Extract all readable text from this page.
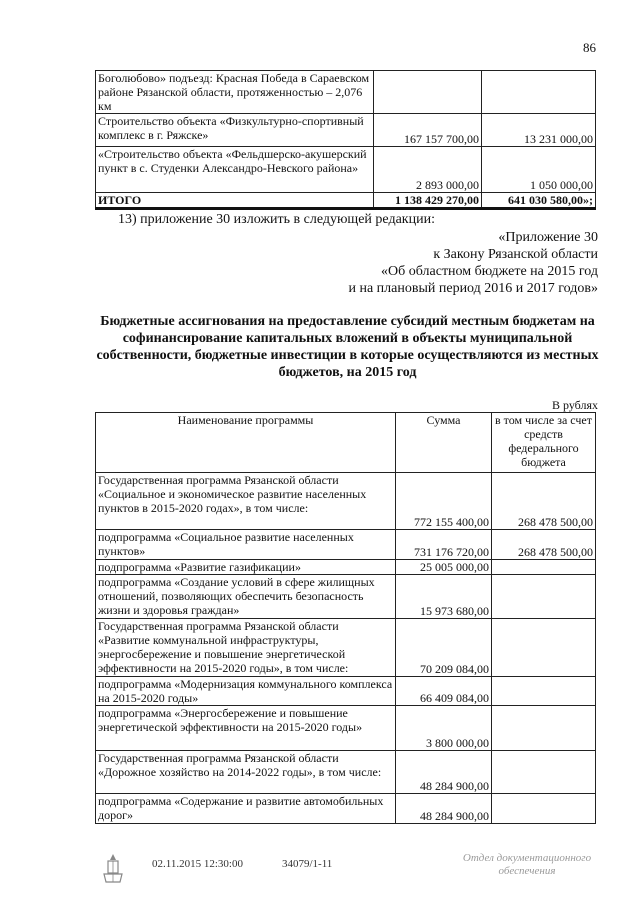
86
Боголюбово» подъезд: Красная Победа в Сараевском районе Рязанской области, протяженностью – 2,076 км		
Строительство объекта «Физкультурно-спортивный комплекс в г. Ряжске»	167 157 700,00	13 231 000,00
«Строительство объекта «Фельдшерско-акушерский пункт в с. Студенки Александро-Невского района»	2 893 000,00	1 050 000,00
ИТОГО	1 138 429 270,00	641 030 580,00»;
13) приложение 30 изложить в следующей редакции:
«Приложение 30
к Закону Рязанской области
«Об областном бюджете на 2015 год
и на плановый период 2016 и 2017 годов»
Бюджетные ассигнования на предоставление субсидий местным бюджетам на софинансирование капитальных вложений в объекты муниципальной собственности, бюджетные инвестиции в которые осуществляются из местных бюджетов, на 2015 год
В рублях
Наименование программы	Сумма	в том числе за счет средств федерального бюджета
Государственная программа Рязанской области «Социальное и экономическое развитие населенных пунктов в 2015-2020 годах», в том числе:	772 155 400,00	268 478 500,00
подпрограмма «Социальное развитие населенных пунктов»	731 176 720,00	268 478 500,00
подпрограмма «Развитие газификации»	25 005 000,00	
подпрограмма «Создание условий в сфере жилищных отношений, позволяющих обеспечить безопасность жизни и здоровья граждан»	15 973 680,00	
Государственная программа Рязанской области «Развитие коммунальной инфраструктуры, энергосбережение и повышение энергетической эффективности на 2015-2020 годы», в том числе:	70 209 084,00	
подпрограмма «Модернизация коммунального комплекса на 2015-2020 годы»	66 409 084,00	
подпрограмма «Энергосбережение и повышение энергетической эффективности на 2015-2020 годы»	3 800 000,00	
Государственная программа Рязанской области «Дорожное хозяйство на 2014-2022 годы», в том числе:	48 284 900,00	
подпрограмма «Содержание и развитие автомобильных дорог»	48 284 900,00	
02.11.2015 12:30:00	34079/1-11	Отдел документационного обеспечения
